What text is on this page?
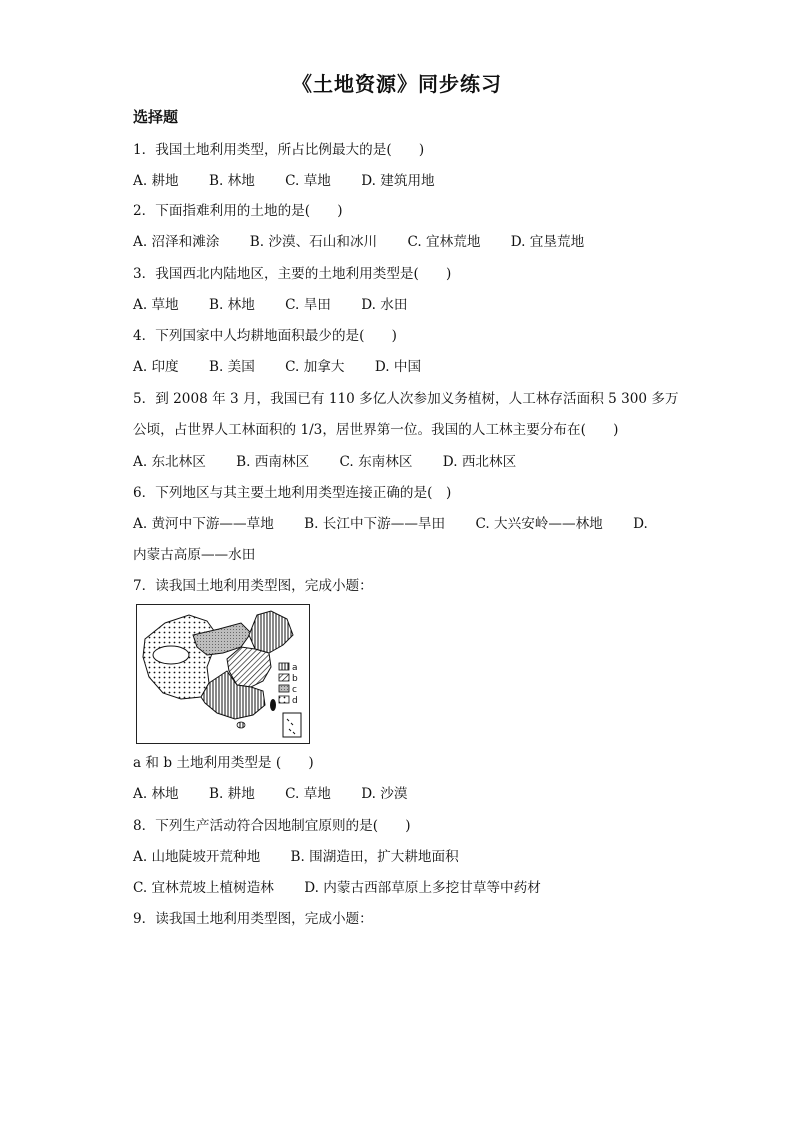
《土地资源》同步练习
选择题
1．我国土地利用类型，所占比例最大的是(　　)
A. 耕地 B. 林地 C. 草地 D. 建筑用地
2．下面指难利用的土地的是(　　)
A. 沼泽和滩涂 B. 沙漠、石山和冰川 C. 宜林荒地 D. 宜垦荒地
3．我国西北内陆地区，主要的土地利用类型是(　　)
A. 草地 B. 林地 C. 旱田 D. 水田
4．下列国家中人均耕地面积最少的是(　　)
A. 印度 B. 美国 C. 加拿大 D. 中国
5．到 2008 年 3 月，我国已有 110 多亿人次参加义务植树，人工林存活面积 5 300 多万
公顷，占世界人工林面积的 1/3，居世界第一位。我国的人工林主要分布在(　　)
A. 东北林区 B. 西南林区 C. 东南林区 D. 西北林区
6．下列地区与其主要土地利用类型连接正确的是(　)
A. 黄河中下游——草地 B. 长江中下游——旱田 C. 大兴安岭——林地 D.
内蒙古高原——水田
7．读我国土地利用类型图，完成小题：
a
b
c
d
a 和 b 土地利用类型是 (　　)
A. 林地 B. 耕地 C. 草地 D. 沙漠
8．下列生产活动符合因地制宜原则的是(　　)
A. 山地陡坡开荒种地 B. 围湖造田，扩大耕地面积
C. 宜林荒坡上植树造林 D. 内蒙古西部草原上多挖甘草等中药材
9．读我国土地利用类型图，完成小题：
